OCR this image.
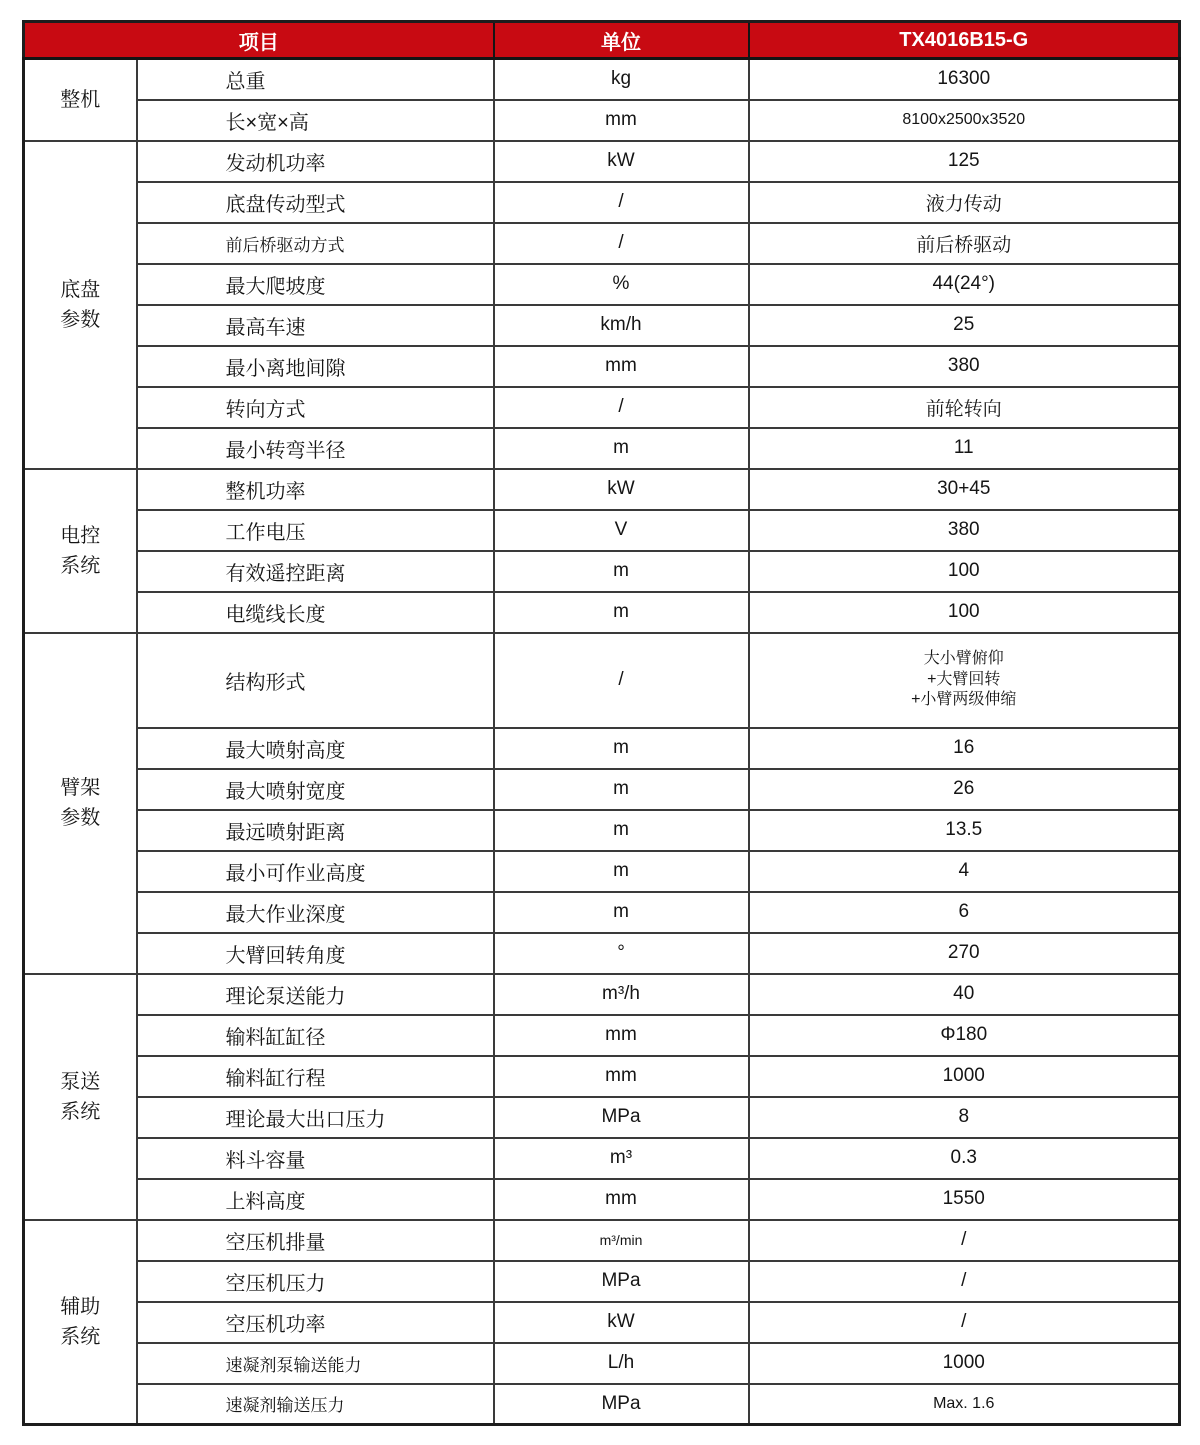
项目		单位	TX4016B15-G

整机	总重	kg	16300
	长×宽×高	mm	8100x2500x3520

底盘参数	发动机功率	kW	125
	底盘传动型式	/	液力传动
	前后桥驱动方式	/	前后桥驱动
	最大爬坡度	%	44(24°)
	最高车速	km/h	25
	最小离地间隙	mm	380
	转向方式	/	前轮转向
	最小转弯半径	m	11

电控系统	整机功率	kW	30+45
	工作电压	V	380
	有效遥控距离	m	100
	电缆线长度	m	100

臂架参数	结构形式	/	大小臂俯仰
+大臂回转
+小臂两级伸缩

	最大喷射高度	m	16
	最大喷射宽度	m	26
	最远喷射距离	m	13.5
	最小可作业高度	m	4
	最大作业深度	m	6
	大臂回转角度	°	270

泵送系统	理论泵送能力	m³/h	40
	输料缸缸径	mm	Φ180
	输料缸行程	mm	1000
	理论最大出口压力	MPa	8
	料斗容量	m³	0.3
	上料高度	mm	1550

辅助系统	空压机排量	m³/min	/
	空压机压力	MPa	/
	空压机功率	kW	/
	速凝剂泵输送能力	L/h	1000
	速凝剂输送压力	MPa	Max. 1.6
